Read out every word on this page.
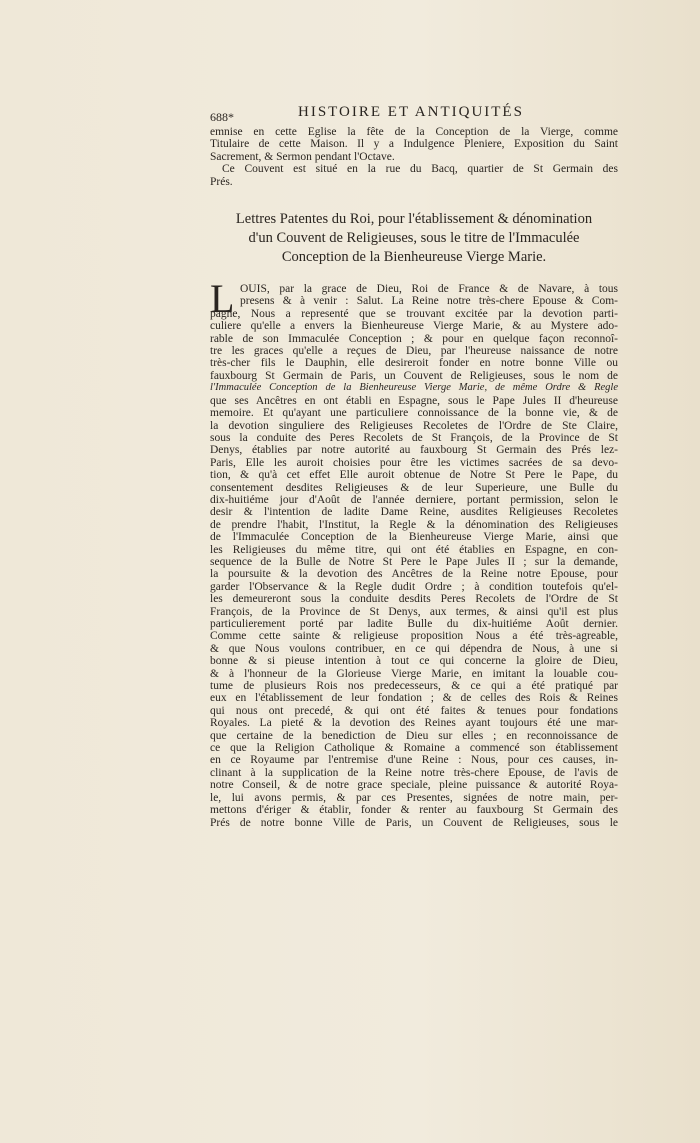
688*	HISTOIRE ET ANTIQUITÉS
emnise en cette Eglise la fête de la Conception de la Vierge, comme
Titulaire de cette Maison. Il y a Indulgence Pleniere, Exposition du Saint
Sacrement, & Sermon pendant l'Octave.
Ce Couvent est situé en la rue du Bacq, quartier de St Germain des
Prés.
Lettres Patentes du Roi, pour l'établissement & dénomination
d'un Couvent de Religieuses, sous le titre de l'Immaculée
Conception de la Bienheureuse Vierge Marie.
L OUIS, par la grace de Dieu, Roi de France & de Navare, à tous
presens & à venir : Salut. La Reine notre très-chere Epouse & Com-
pagne, Nous a representé que se trouvant excitée par la devotion parti-
culiere qu'elle a envers la Bienheureuse Vierge Marie, & au Mystere ado-
rable de son Immaculée Conception ; & pour en quelque façon reconnoî-
tre les graces qu'elle a reçues de Dieu, par l'heureuse naissance de notre
très-cher fils le Dauphin, elle desireroit fonder en notre bonne Ville ou
fauxbourg St Germain de Paris, un Couvent de Religieuses, sous le nom de
l'Immaculée Conception de la Bienheureuse Vierge Marie, de même Ordre & Regle
que ses Ancêtres en ont établi en Espagne, sous le Pape Jules II d'heureuse
memoire. Et qu'ayant une particuliere connoissance de la bonne vie, & de
la devotion singuliere des Religieuses Recoletes de l'Ordre de Ste Claire,
sous la conduite des Peres Recolets de St François, de la Province de St
Denys, établies par notre autorité au fauxbourg St Germain des Prés lez-
Paris, Elle les auroit choisies pour être les victimes sacrées de sa devo-
tion, & qu'à cet effet Elle auroit obtenue de Notre St Pere le Pape, du
consentement desdites Religieuses & de leur Superieure, une Bulle du
dix-huitiéme jour d'Août de l'année derniere, portant permission, selon le
desir & l'intention de ladite Dame Reine, ausdites Religieuses Recoletes
de prendre l'habit, l'Institut, la Regle & la dénomination des Religieuses
de l'Immaculée Conception de la Bienheureuse Vierge Marie, ainsi que
les Religieuses du même titre, qui ont été établies en Espagne, en con-
sequence de la Bulle de Notre St Pere le Pape Jules II ; sur la demande,
la poursuite & la devotion des Ancêtres de la Reine notre Epouse, pour
garder l'Observance & la Regle dudit Ordre ; à condition toutefois qu'el-
les demeureront sous la conduite desdits Peres Recolets de l'Ordre de St
François, de la Province de St Denys, aux termes, & ainsi qu'il est plus
particulierement porté par ladite Bulle du dix-huitiéme Août dernier.
Comme cette sainte & religieuse proposition Nous a été très-agreable,
& que Nous voulons contribuer, en ce qui dépendra de Nous, à une si
bonne & si pieuse intention à tout ce qui concerne la gloire de Dieu,
& à l'honneur de la Glorieuse Vierge Marie, en imitant la louable cou-
tume de plusieurs Rois nos predecesseurs, & ce qui a été pratiqué par
eux en l'établissement de leur fondation ; & de celles des Rois & Reines
qui nous ont precedé, & qui ont été faites & tenues pour fondations
Royales. La pieté & la devotion des Reines ayant toujours été une mar-
que certaine de la benediction de Dieu sur elles ; en reconnoissance de
ce que la Religion Catholique & Romaine a commencé son établissement
en ce Royaume par l'entremise d'une Reine : Nous, pour ces causes, in-
clinant à la supplication de la Reine notre très-chere Epouse, de l'avis de
notre Conseil, & de notre grace speciale, pleine puissance & autorité Roya-
le, lui avons permis, & par ces Presentes, signées de notre main, per-
mettons d'ériger & établir, fonder & renter au fauxbourg St Germain des
Prés de notre bonne Ville de Paris, un Couvent de Religieuses, sous le
